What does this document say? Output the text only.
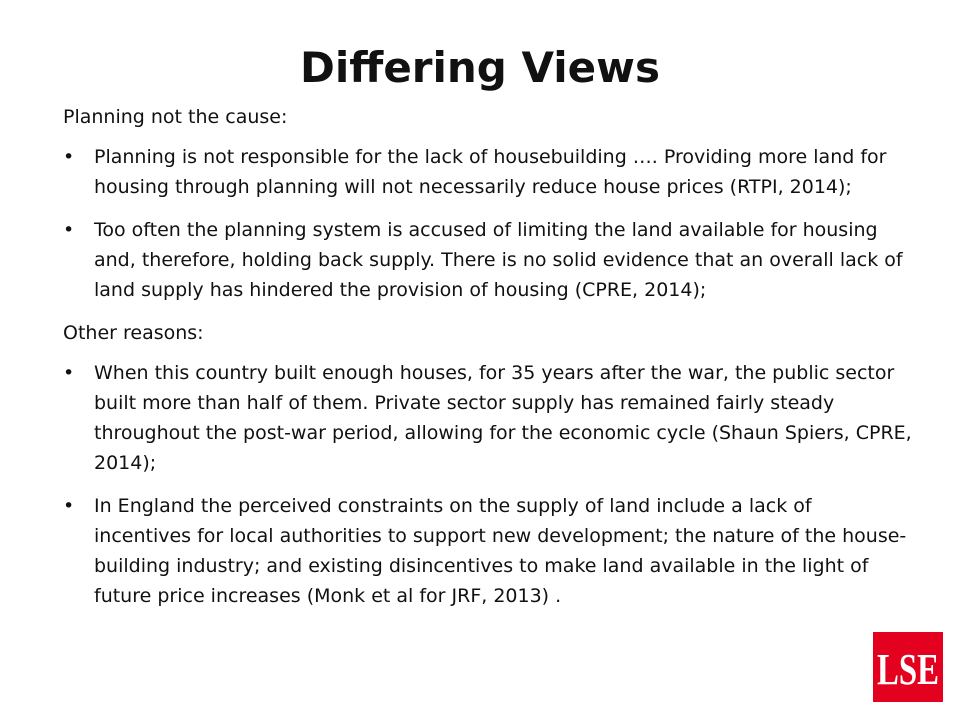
Differing Views

Planning not the cause:

•	Planning is not responsible for the lack of housebuilding …. Providing more land for housing through planning will not necessarily reduce house prices (RTPI, 2014);
•	Too often the planning system is accused of limiting the land available for housing and, therefore, holding back supply. There is no solid evidence that an overall lack of land supply has hindered the provision of housing (CPRE, 2014);

Other reasons:

•	When this country built enough houses, for 35 years after the war, the public sector built more than half of them. Private sector supply has remained fairly steady throughout the post-war period, allowing for the economic cycle (Shaun Spiers, CPRE, 2014);
•	In England the perceived constraints on the supply of land include a lack of incentives for local authorities to support new development; the nature of the house-building industry; and existing disincentives to make land available in the light of future price increases (Monk et al for JRF, 2013) .
LSE
